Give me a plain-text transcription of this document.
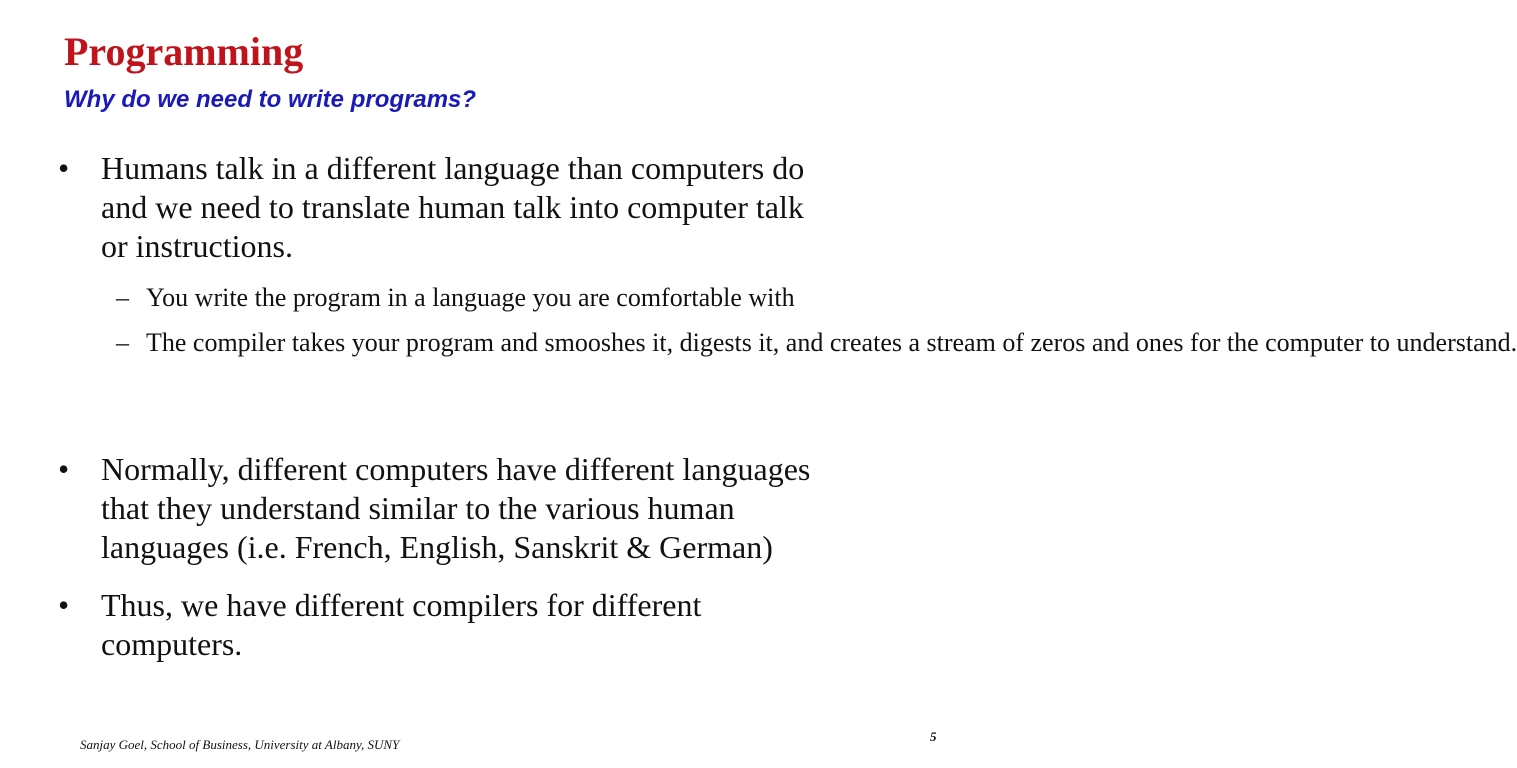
Programming
Why do we need to write programs?
• Humans talk in a different language than computers do
and we need to translate human talk into computer talk
or instructions.
– You write the program in a language you are comfortable with
– The compiler takes your program and smooshes it, digests it, and creates a stream of zeros and ones for the computer to understand.
• Normally, different computers have different languages
that they understand similar to the various human
languages (i.e. French, English, Sanskrit & German)
• Thus, we have different compilers for different
computers.
Sanjay Goel, School of Business, University at Albany, SUNY
5
